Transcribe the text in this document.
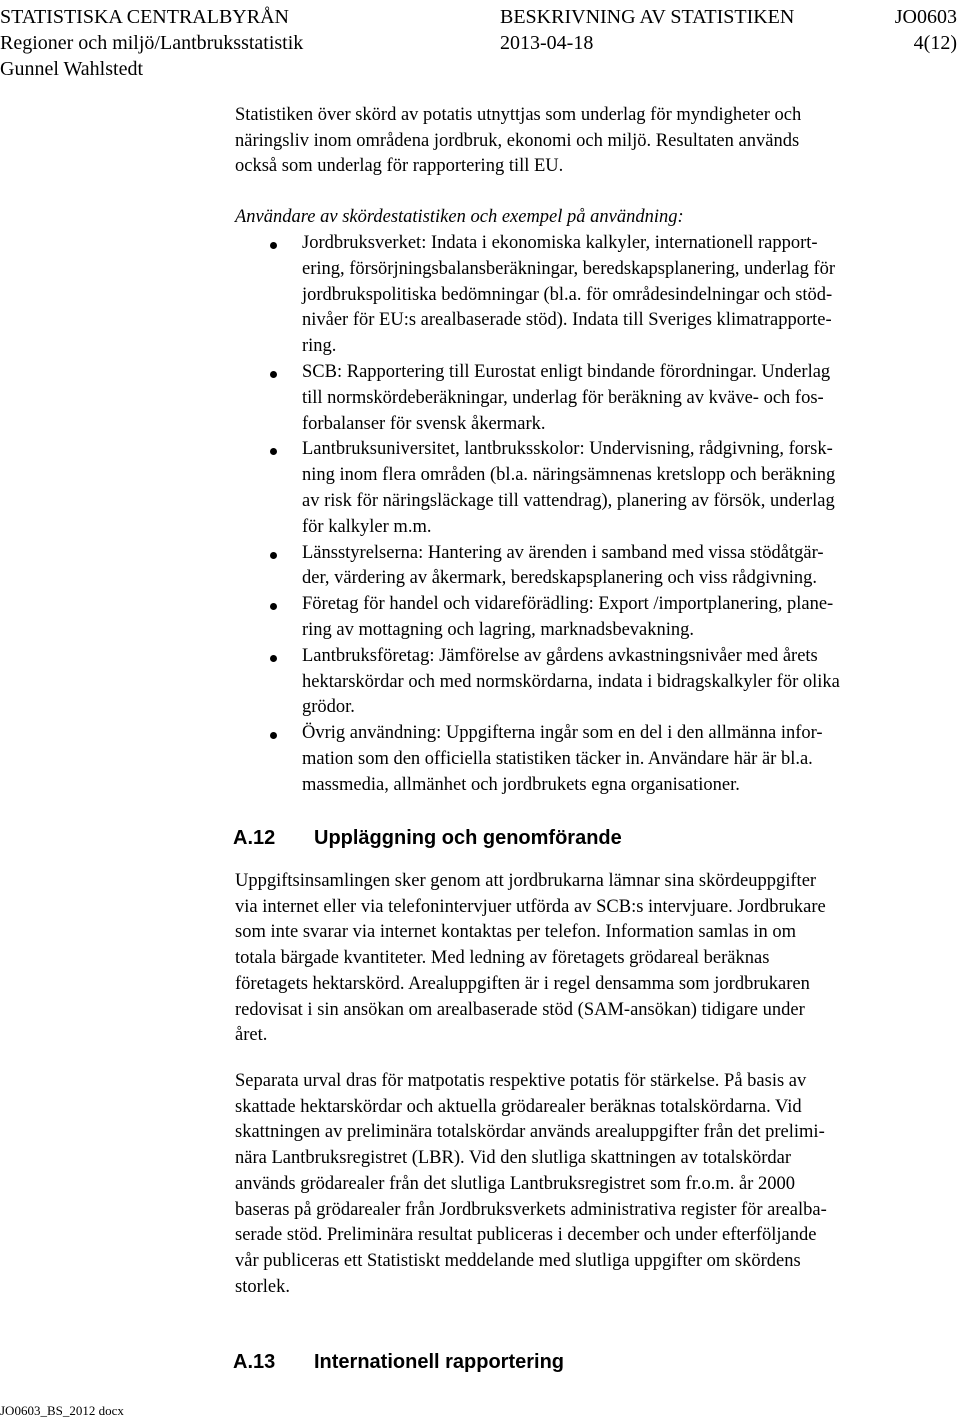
STATISTISKA CENTRALBYRÅN	BESKRIVNING AV STATISTIKEN	JO0603
Regioner och miljö/Lantbruksstatistik	2013-04-18	4(12)
Gunnel Wahlstedt
Statistiken över skörd av potatis utnyttjas som underlag för myndigheter och
näringsliv inom områdena jordbruk, ekonomi och miljö. Resultaten används
också som underlag för rapportering till EU.
Användare av skördestatistiken och exempel på användning:
Jordbruksverket: Indata i ekonomiska kalkyler, internationell rapport-
ering, försörjningsbalansberäkningar, beredskapsplanering, underlag för
jordbrukspolitiska bedömningar (bl.a. för områdesindelningar och stöd-
nivåer för EU:s arealbaserade stöd). Indata till Sveriges klimatrapporte-
ring.
SCB: Rapportering till Eurostat enligt bindande förordningar. Underlag
till normskördeberäkningar, underlag för beräkning av kväve- och fos-
forbalanser för svensk åkermark.
Lantbruksuniversitet, lantbruksskolor: Undervisning, rådgivning, forsk-
ning inom flera områden (bl.a. näringsämnenas kretslopp och beräkning
av risk för näringsläckage till vattendrag), planering av försök, underlag
för kalkyler m.m.
Länsstyrelserna: Hantering av ärenden i samband med vissa stödåtgär-
der, värdering av åkermark, beredskapsplanering och viss rådgivning.
Företag för handel och vidareförädling: Export /importplanering, plane-
ring av mottagning och lagring, marknadsbevakning.
Lantbruksföretag: Jämförelse av gårdens avkastningsnivåer med årets
hektarskördar och med normskördarna, indata i bidragskalkyler för olika
grödor.
Övrig användning: Uppgifterna ingår som en del i den allmänna infor-
mation som den officiella statistiken täcker in. Användare här är bl.a.
massmedia, allmänhet och jordbrukets egna organisationer.
A.12 Uppläggning och genomförande
Uppgiftsinsamlingen sker genom att jordbrukarna lämnar sina skördeuppgifter
via internet eller via telefonintervjuer utförda av SCB:s intervjuare. Jordbrukare
som inte svarar via internet kontaktas per telefon. Information samlas in om
totala bärgade kvantiteter. Med ledning av företagets grödareal beräknas
företagets hektarskörd. Arealuppgiften är i regel densamma som jordbrukaren
redovisat i sin ansökan om arealbaserade stöd (SAM-ansökan) tidigare under
året.
Separata urval dras för matpotatis respektive potatis för stärkelse. På basis av
skattade hektarskördar och aktuella grödarealer beräknas totalskördarna. Vid
skattningen av preliminära totalskördar används arealuppgifter från det prelimi-
nära Lantbruksregistret (LBR). Vid den slutliga skattningen av totalskördar
används grödarealer från det slutliga Lantbruksregistret som fr.o.m. år 2000
baseras på grödarealer från Jordbruksverkets administrativa register för arealba-
serade stöd. Preliminära resultat publiceras i december och under efterföljande
vår publiceras ett Statistiskt meddelande med slutliga uppgifter om skördens
storlek.
A.13 Internationell rapportering
JO0603_BS_2012 docx
